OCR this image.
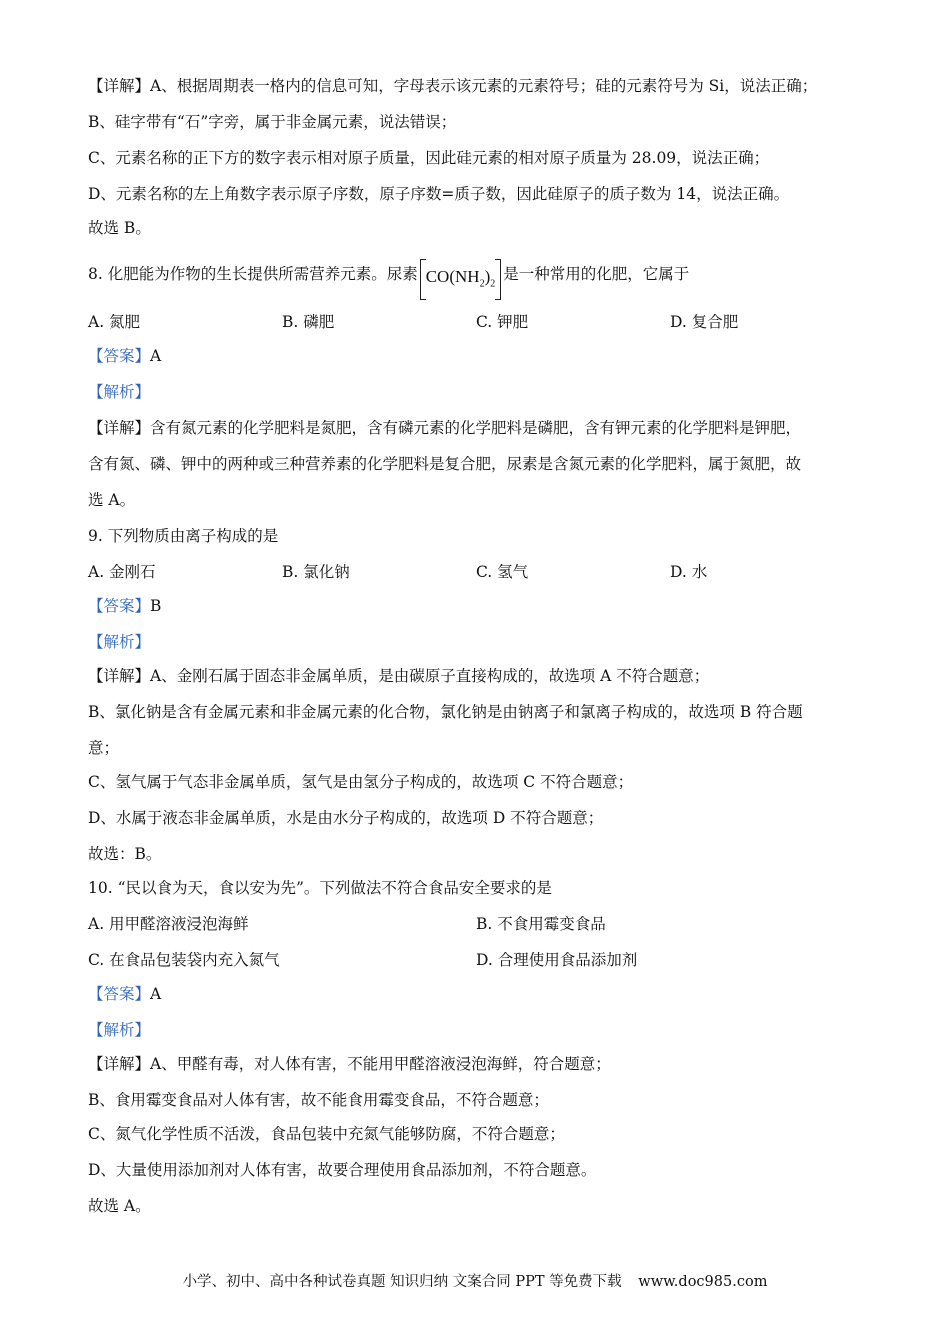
【详解】A、根据周期表一格内的信息可知，字母表示该元素的元素符号；硅的元素符号为 Si，说法正确；
B、硅字带有“石”字旁，属于非金属元素，说法错误；
C、元素名称的正下方的数字表示相对原子质量，因此硅元素的相对原子质量为 28.09，说法正确；
D、元素名称的左上角数字表示原子序数，原子序数=质子数，因此硅原子的质子数为 14，说法正确。
故选 B。
8. 化肥能为作物的生长提供所需营养元素。尿素 $CO(NH_2)_2$
是一种常用的化肥，它属于
A. 氮肥	B. 磷肥	C. 钾肥	D. 复合肥
【答案】A
【解析】
【详解】含有氮元素的化学肥料是氮肥，含有磷元素的化学肥料是磷肥，含有钾元素的化学肥料是钾肥，
含有氮、磷、钾中的两种或三种营养素的化学肥料是复合肥，尿素是含氮元素的化学肥料，属于氮肥，故
选 A。
9. 下列物质由离子构成的是
A. 金刚石	B. 氯化钠	C. 氢气	D. 水
【答案】B
【解析】
【详解】A、金刚石属于固态非金属单质，是由碳原子直接构成的，故选项 A 不符合题意；
B、氯化钠是含有金属元素和非金属元素的化合物，氯化钠是由钠离子和氯离子构成的，故选项 B 符合题
意；
C、氢气属于气态非金属单质，氢气是由氢分子构成的，故选项 C 不符合题意；
D、水属于液态非金属单质，水是由水分子构成的，故选项 D 不符合题意；
故选：B。
10. “民以食为天，食以安为先”。下列做法不符合食品安全要求的是
A. 用甲醛溶液浸泡海鲜	B. 不食用霉变食品
C. 在食品包装袋内充入氮气	D. 合理使用食品添加剂
【答案】A
【解析】
【详解】A、甲醛有毒，对人体有害，不能用甲醛溶液浸泡海鲜，符合题意；
B、食用霉变食品对人体有害，故不能食用霉变食品，不符合题意；
C、氮气化学性质不活泼，食品包装中充氮气能够防腐，不符合题意；
D、大量使用添加剂对人体有害，故要合理使用食品添加剂，不符合题意。
故选 A。
小学、初中、高中各种试卷真题 知识归纳 文案合同 PPT 等免费下载 www.doc985.com
